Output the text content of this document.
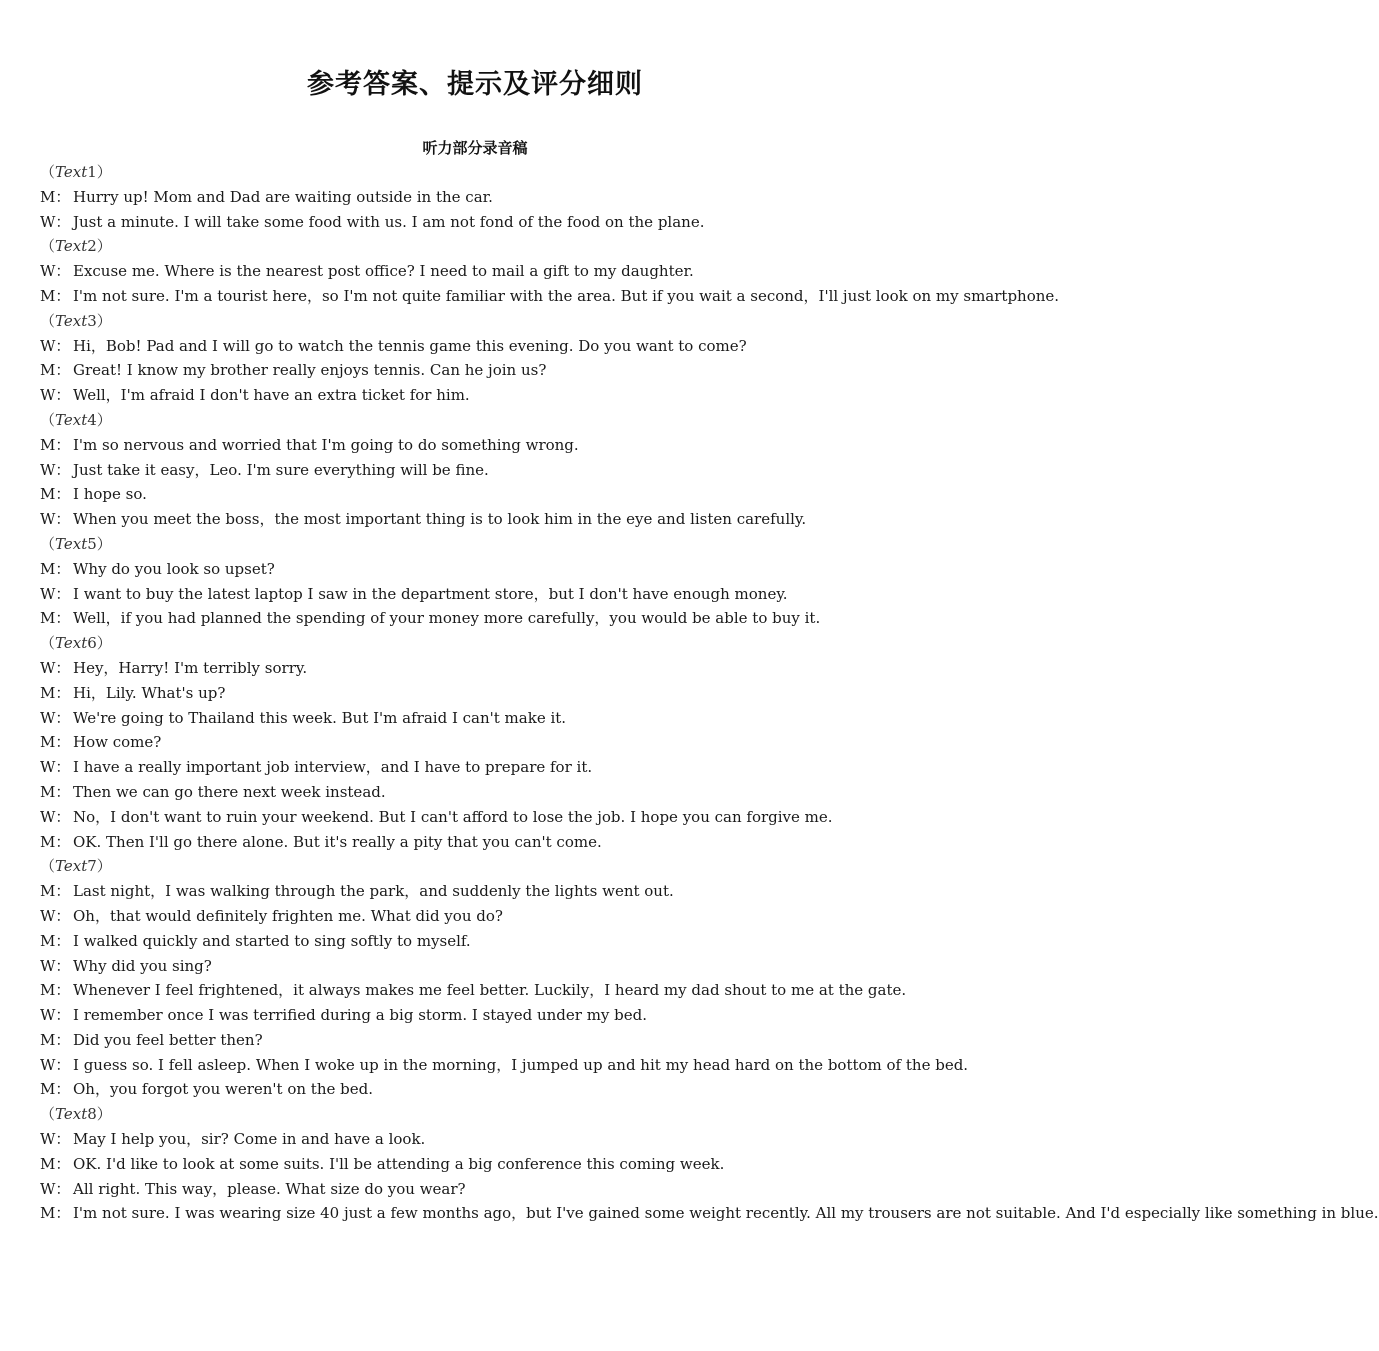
参考答案、提示及评分细则
听力部分录音稿
（ Text 1）
M： Hurry up! Mom and Dad are waiting outside in the car.
W： Just a minute. I will take some food with us. I am not fond of the food on the plane.
（ Text 2）
W： Excuse me. Where is the nearest post office? I need to mail a gift to my daughter.
M： I'm not sure. I'm a tourist here，so I'm not quite familiar with the area. But if you wait a second，I'll just look on my smartphone.
（ Text 3）
W： Hi，Bob! Pad and I will go to watch the tennis game this evening. Do you want to come?
M： Great! I know my brother really enjoys tennis. Can he join us?
W： Well，I'm afraid I don't have an extra ticket for him.
（ Text 4）
M： I'm so nervous and worried that I'm going to do something wrong.
W： Just take it easy，Leo. I'm sure everything will be fine.
M： I hope so.
W： When you meet the boss，the most important thing is to look him in the eye and listen carefully.
（ Text 5）
M： Why do you look so upset?
W： I want to buy the latest laptop I saw in the department store，but I don't have enough money.
M： Well，if you had planned the spending of your money more carefully，you would be able to buy it.
（ Text 6）
W： Hey，Harry! I'm terribly sorry.
M： Hi，Lily. What's up?
W： We're going to Thailand this week. But I'm afraid I can't make it.
M： How come?
W： I have a really important job interview，and I have to prepare for it.
M： Then we can go there next week instead.
W： No，I don't want to ruin your weekend. But I can't afford to lose the job. I hope you can forgive me.
M： OK. Then I'll go there alone. But it's really a pity that you can't come.
（ Text 7）
M： Last night，I was walking through the park，and suddenly the lights went out.
W： Oh，that would definitely frighten me. What did you do?
M： I walked quickly and started to sing softly to myself.
W： Why did you sing?
M： Whenever I feel frightened，it always makes me feel better. Luckily，I heard my dad shout to me at the gate.
W： I remember once I was terrified during a big storm. I stayed under my bed.
M： Did you feel better then?
W： I guess so. I fell asleep. When I woke up in the morning，I jumped up and hit my head hard on the bottom of the bed.
M： Oh，you forgot you weren't on the bed.
（ Text 8）
W： May I help you，sir? Come in and have a look.
M： OK. I'd like to look at some suits. I'll be attending a big conference this coming week.
W： All right. This way，please. What size do you wear?
M： I'm not sure. I was wearing size 40 just a few months ago，but I've gained some weight recently. All my trousers are not suitable. And I'd especially like something in blue.
